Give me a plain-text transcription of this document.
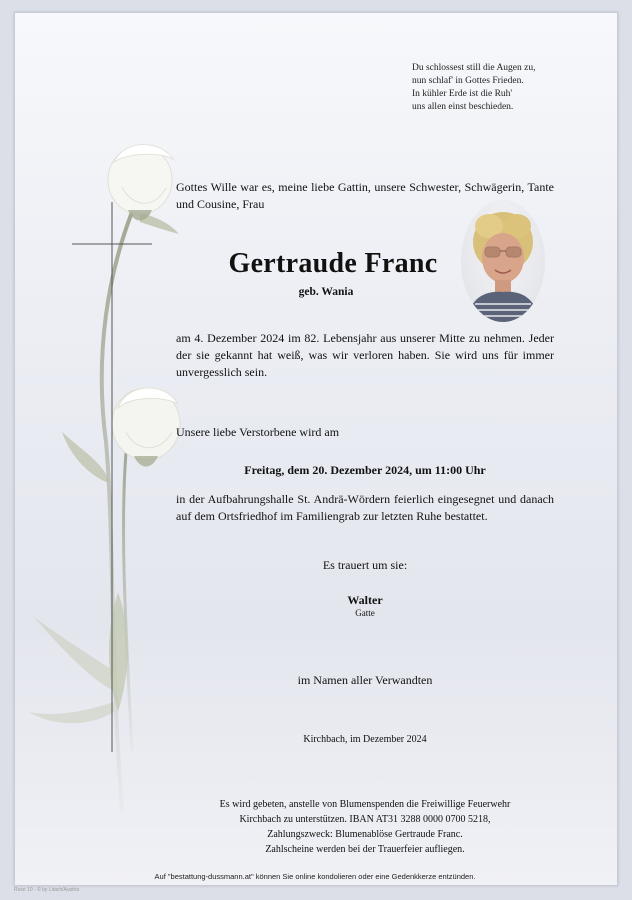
Du schlossest still die Augen zu,
nun schlaf' in Gottes Frieden.
In kühler Erde ist die Ruh'
uns allen einst beschieden.
Gottes Wille war es, meine liebe Gattin, unsere Schwester, Schwägerin, Tante und Cousine, Frau
Gertraude Franc
geb. Wania
am 4. Dezember 2024 im 82. Lebensjahr aus unserer Mitte zu nehmen. Jeder der sie gekannt hat weiß, was wir verloren haben. Sie wird uns für immer unvergesslich sein.
Unsere liebe Verstorbene wird am
Freitag, dem 20. Dezember 2024, um 11:00 Uhr
in der Aufbahrungshalle St. Andrä-Wördern feierlich eingesegnet und danach auf dem Ortsfriedhof im Familiengrab zur letzten Ruhe bestattet.
Es trauert um sie:
Walter
Gatte
im Namen aller Verwandten
Kirchbach, im Dezember 2024
Es wird gebeten, anstelle von Blumenspenden die Freiwillige Feuerwehr
Kirchbach zu unterstützen. IBAN AT31 3288 0000 0700 5218,
Zahlungszweck: Blumenablöse Gertraude Franc.
Zahlscheine werden bei der Trauerfeier aufliegen.
Auf "bestattung-dussmann.at" können Sie online kondolieren oder eine Gedenkkerze entzünden.
Rose 10 - © by Litach/Austria
